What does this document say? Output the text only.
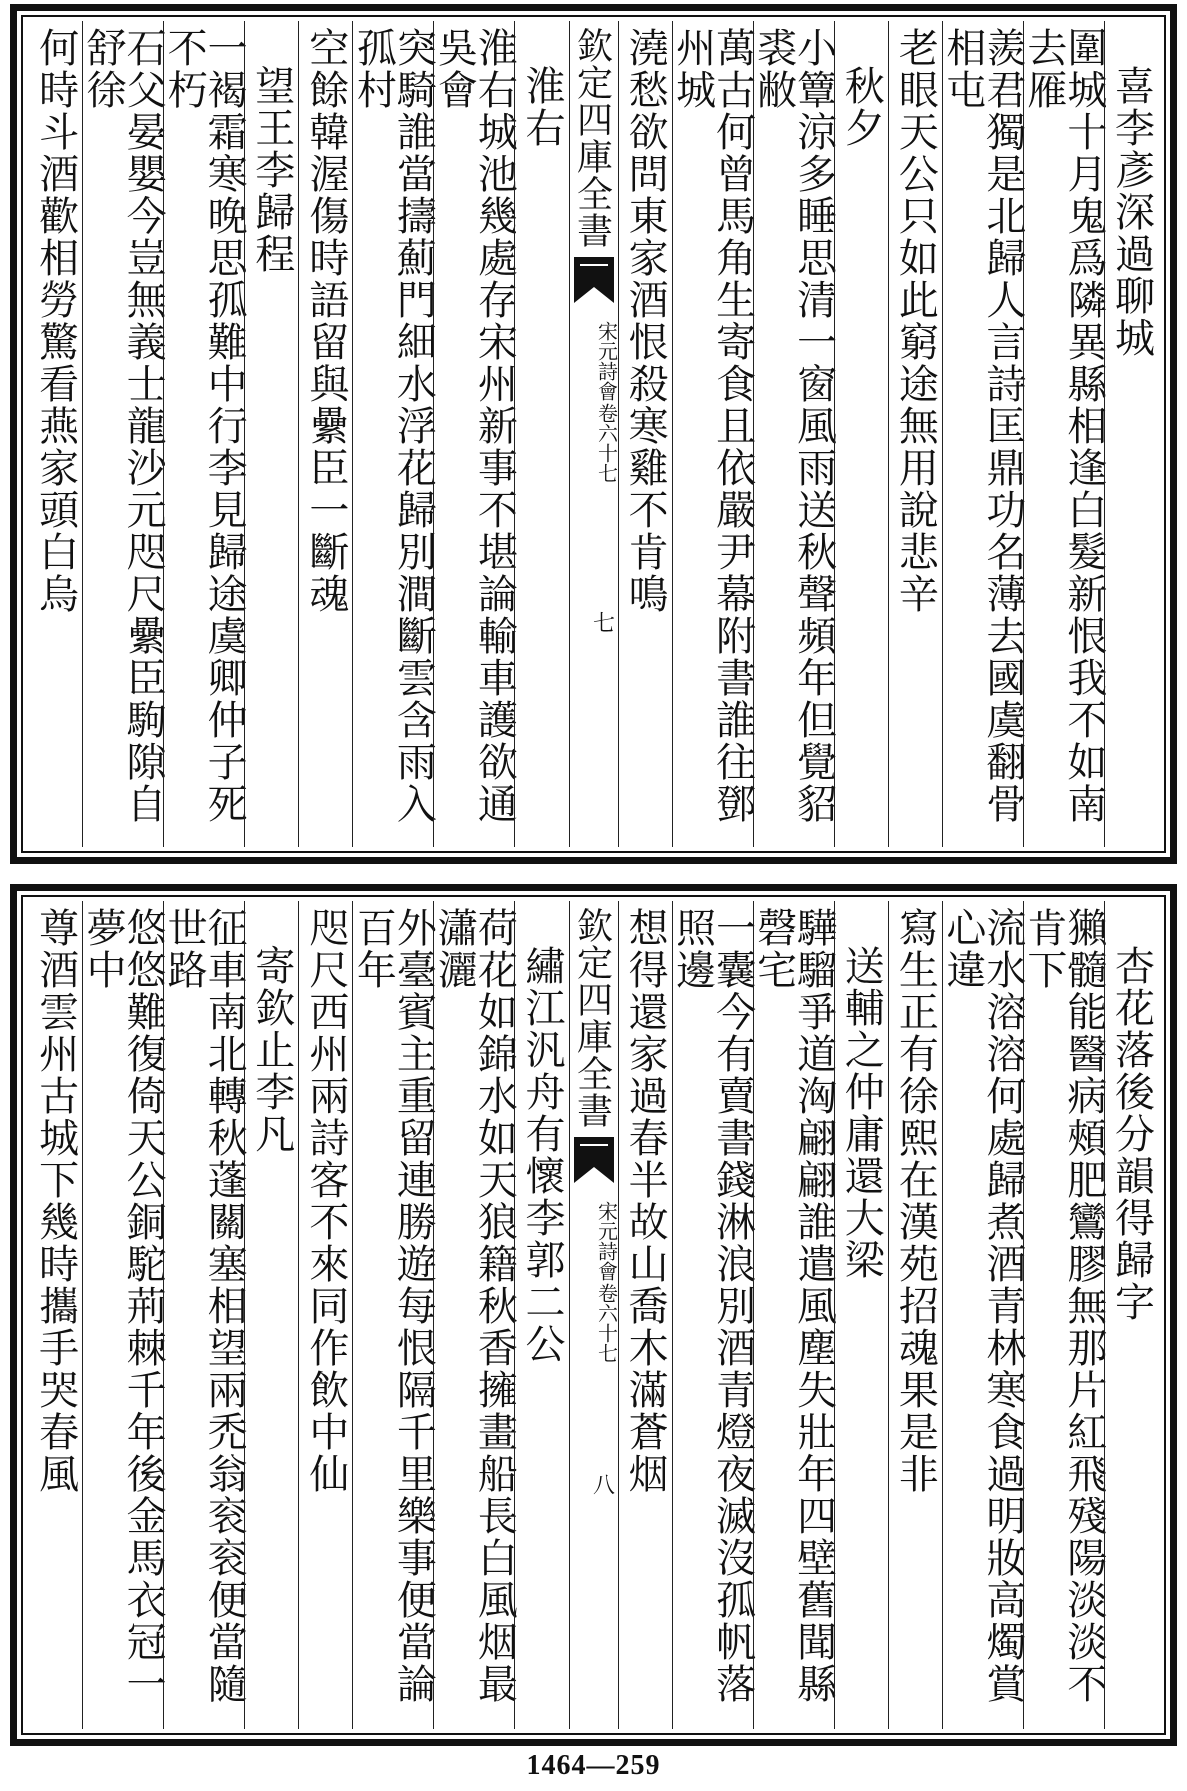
喜李彥深過聊城
圍城十月鬼爲隣異縣相逢白髮新恨我不如南去雁
羨君獨是北歸人言詩匡鼎功名薄去國虞翻骨相屯
老眼天公只如此窮途無用說悲辛
秋夕
小簟涼多睡思清一窗風雨送秋聲頻年但覺貂裘敝
萬古何曾馬角生寄食且依嚴尹幕附書誰往鄧州城
澆愁欲問東家酒恨殺寒雞不肯鳴
欽定四庫全書
宋元詩會
卷六十七
七
淮右
淮右城池幾處存宋州新事不堪論輸車護欲通吳會
突騎誰當擣薊門細水浮花歸別澗斷雲含雨入孤村
空餘韓渥傷時語留與纍臣一斷魂
望王李歸程
一褐霜寒晚思孤難中行李見歸途虞卿仲子死不朽
石父晏嬰今豈無義士龍沙元咫尺纍臣駒隙自舒徐
何時斗酒歡相勞驚看燕家頭白烏
杏花落後分韻得歸字
獺髓能醫病頰肥鸞膠無那片紅飛殘陽淡淡不肯下
流水溶溶何處歸煮酒青林寒食過明妝高燭賞心違
寫生正有徐熙在漢苑招魂果是非
送輔之仲庸還大梁
驊騮爭道洶翩翩誰遣風塵失壯年四壁舊聞縣磬宅
一囊今有賣書錢淋浪別酒青燈夜滅沒孤帆落照邊
想得還家過春半故山喬木滿蒼烟
欽定四庫全書
宋元詩會
卷六十七
八
繡江汎舟有懷李郭二公
荷花如錦水如天狼籍秋香擁畫船長白風烟最瀟灑
外臺賓主重留連勝遊每恨隔千里樂事便當論百年
咫尺西州兩詩客不來同作飲中仙
寄欽止李凡
征車南北轉秋蓬關塞相望兩禿翁衮衮便當隨世路
悠悠難復倚天公銅駝荊棘千年後金馬衣冠一夢中
尊酒雲州古城下幾時攜手哭春風
1464—259
